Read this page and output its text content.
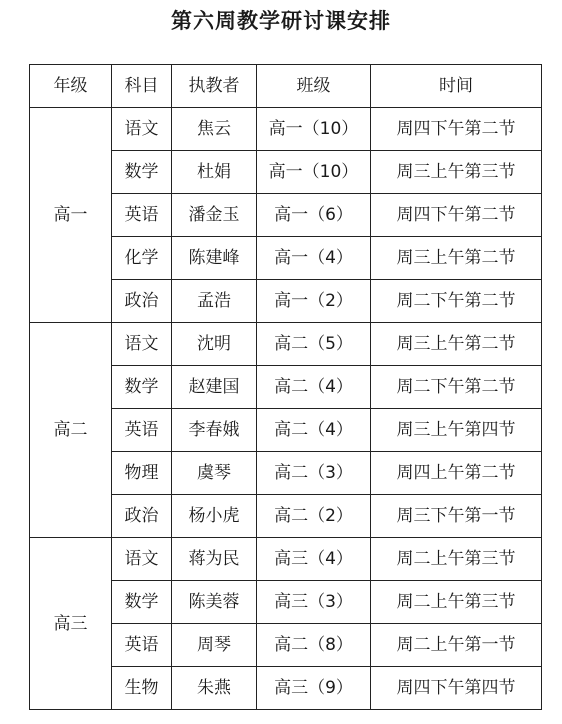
第六周教学研讨课安排
年级	科目	执教者	班级	时间
高一	语文	焦云	高一（10）	周四下午第二节
	数学	杜娟	高一（10）	周三上午第三节
	英语	潘金玉	高一（6）	周四下午第二节
	化学	陈建峰	高一（4）	周三上午第二节
	政治	孟浩	高一（2）	周二下午第二节
高二	语文	沈明	高二（5）	周三上午第二节
	数学	赵建国	高二（4）	周二下午第二节
	英语	李春娥	高二（4）	周三上午第四节
	物理	虞琴	高二（3）	周四上午第二节
	政治	杨小虎	高二（2）	周三下午第一节
高三	语文	蒋为民	高三（4）	周二上午第三节
	数学	陈美蓉	高三（3）	周二上午第三节
	英语	周琴	高二（8）	周二上午第一节
	生物	朱燕	高三（9）	周四下午第四节
